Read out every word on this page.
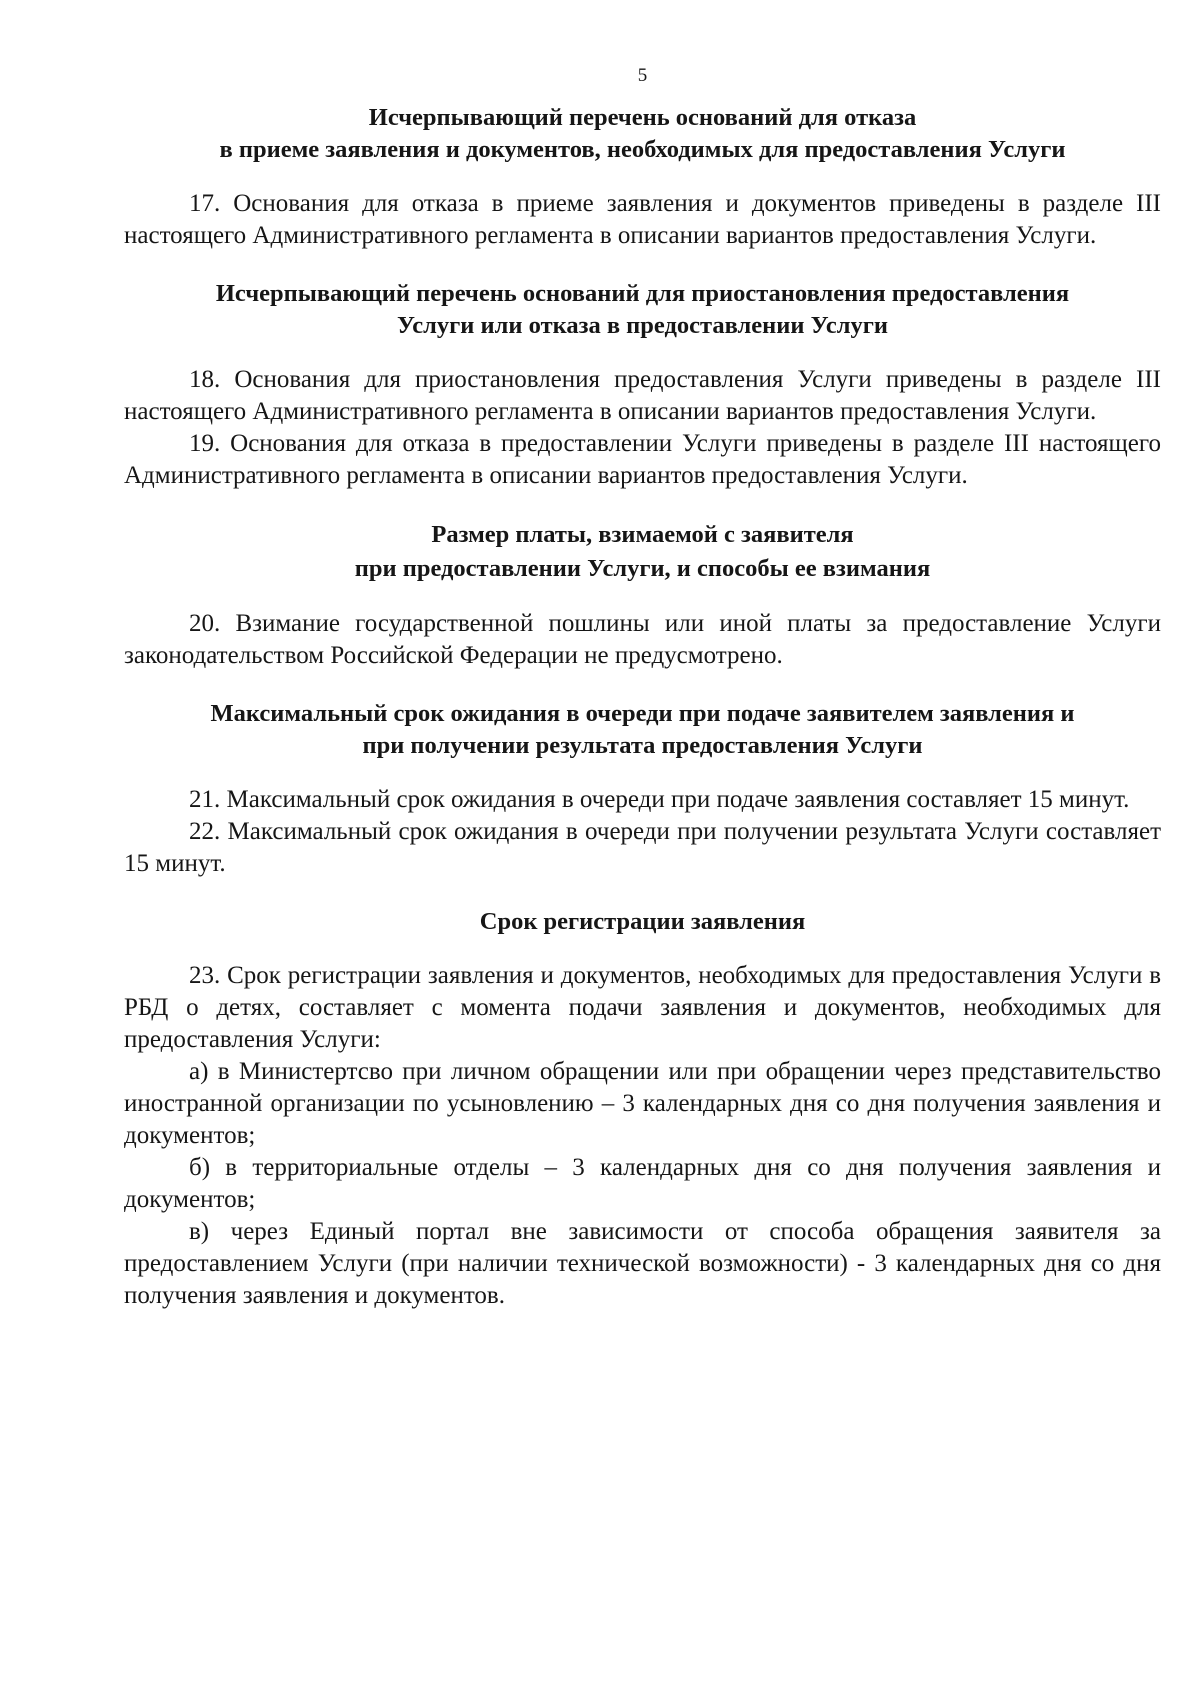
5
Исчерпывающий перечень оснований для отказа
в приеме заявления и документов, необходимых для предоставления Услуги

17. Основания для отказа в приеме заявления и документов приведены в разделе III настоящего Административного регламента в описании вариантов предоставления Услуги.

Исчерпывающий перечень оснований для приостановления предоставления
Услуги или отказа в предоставлении Услуги

18. Основания для приостановления предоставления Услуги приведены в разделе III настоящего Административного регламента в описании вариантов предоставления Услуги.

19. Основания для отказа в предоставлении Услуги приведены в разделе III настоящего Административного регламента в описании вариантов предоставления Услуги.

Размер платы, взимаемой с заявителя
при предоставлении Услуги, и способы ее взимания

20. Взимание государственной пошлины или иной платы за предоставление Услуги законодательством Российской Федерации не предусмотрено.

Максимальный срок ожидания в очереди при подаче заявителем заявления и
при получении результата предоставления Услуги

21. Максимальный срок ожидания в очереди при подаче заявления составляет 15 минут.

22. Максимальный срок ожидания в очереди при получении результата Услуги составляет 15 минут.

Срок регистрации заявления

23. Срок регистрации заявления и документов, необходимых для предоставления Услуги в РБД о детях, составляет с момента подачи заявления и документов, необходимых для предоставления Услуги:

а) в Министертсво при личном обращении или при обращении через представительство иностранной организации по усыновлению – 3 календарных дня со дня получения заявления и документов;

б) в территориальные отделы – 3 календарных дня со дня получения заявления и документов;

в) через Единый портал вне зависимости от способа обращения заявителя за предоставлением Услуги (при наличии технической возможности) - 3 календарных дня со дня получения заявления и документов.
